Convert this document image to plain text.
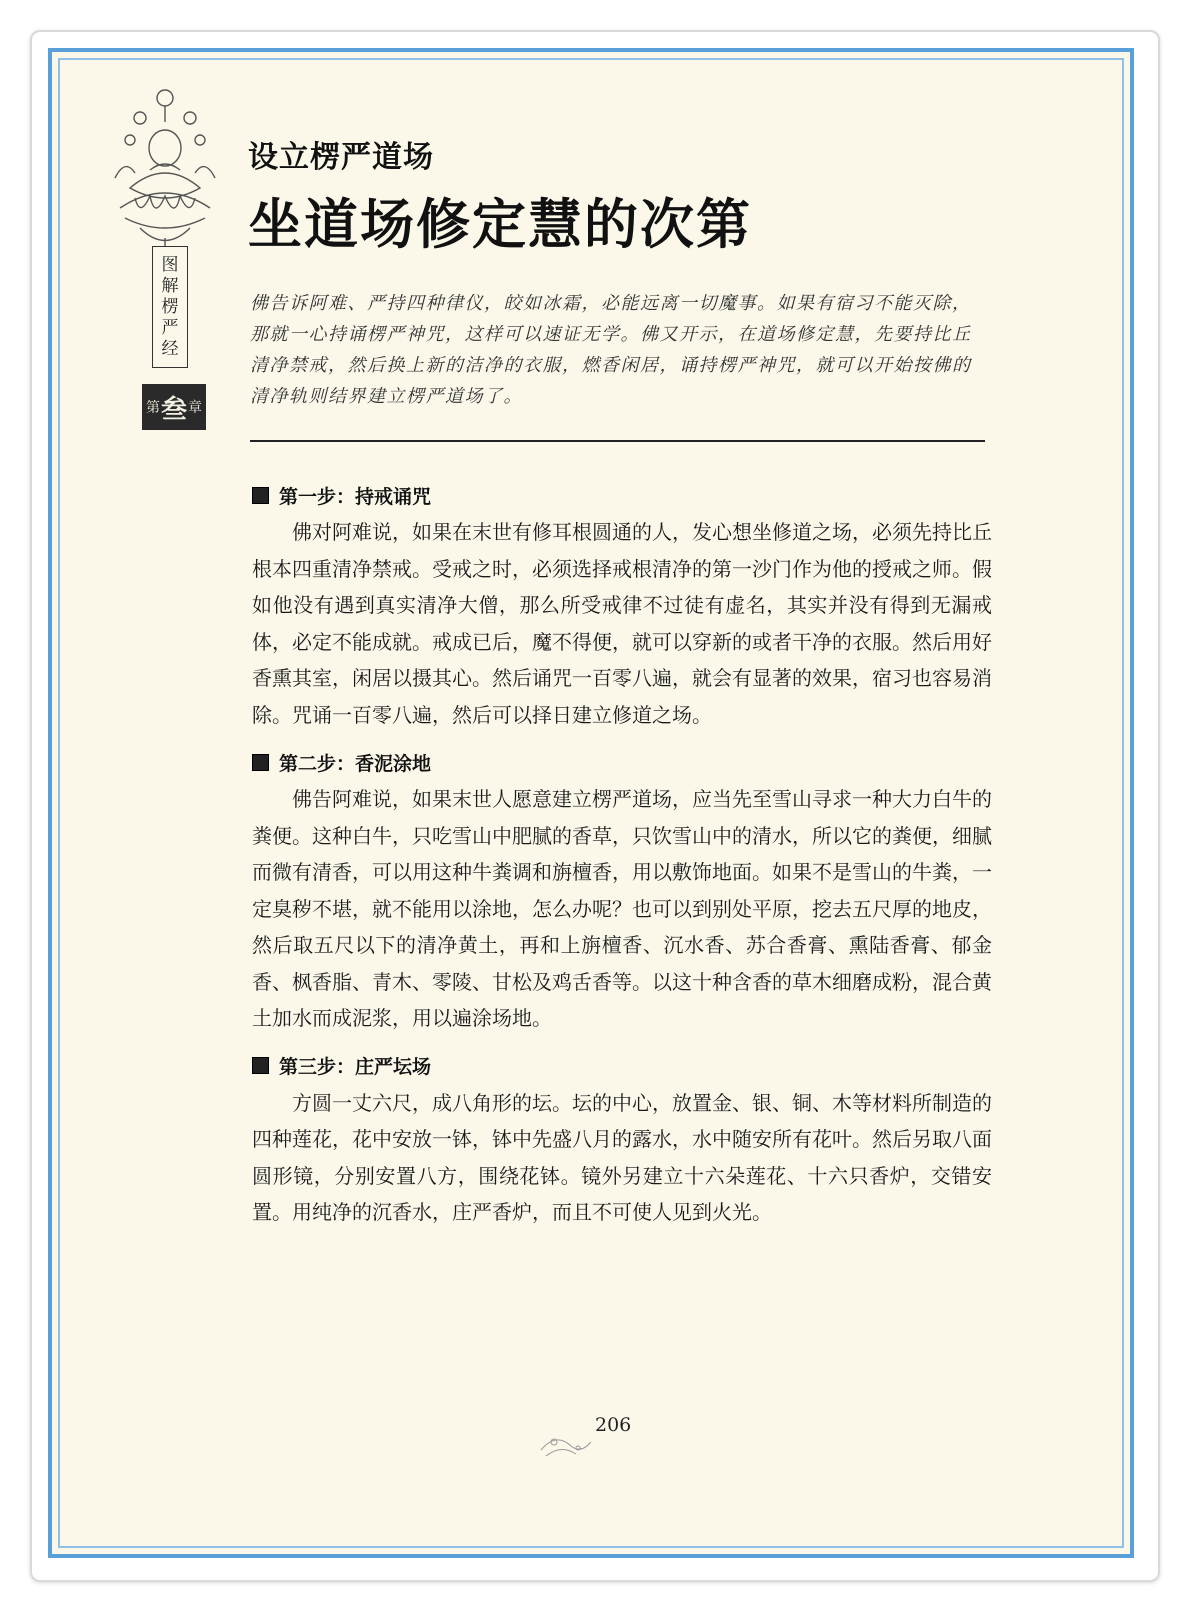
图
解
楞
严
经
第 叁 章
设立楞严道场
坐道场修定慧的次第
佛告诉阿难、严持四种律仪，皎如冰霜，必能远离一切魔事。如果有宿习不能灭除，那就一心持诵楞严神咒，这样可以速证无学。佛又开示，在道场修定慧，先要持比丘清净禁戒，然后换上新的洁净的衣服，燃香闲居，诵持楞严神咒，就可以开始按佛的清净轨则结界建立楞严道场了。
第一步：持戒诵咒

佛对阿难说，如果在末世有修耳根圆通的人，发心想坐修道之场，必须先持比丘根本四重清净禁戒。受戒之时，必须选择戒根清净的第一沙门作为他的授戒之师。假如他没有遇到真实清净大僧，那么所受戒律不过徒有虚名，其实并没有得到无漏戒体，必定不能成就。戒成已后，魔不得便，就可以穿新的或者干净的衣服。然后用好香熏其室，闲居以摄其心。然后诵咒一百零八遍，就会有显著的效果，宿习也容易消除。咒诵一百零八遍，然后可以择日建立修道之场。

第二步：香泥涂地

佛告阿难说，如果末世人愿意建立楞严道场，应当先至雪山寻求一种大力白牛的粪便。这种白牛，只吃雪山中肥腻的香草，只饮雪山中的清水，所以它的粪便，细腻而微有清香，可以用这种牛粪调和旃檀香，用以敷饰地面。如果不是雪山的牛粪，一定臭秽不堪，就不能用以涂地，怎么办呢？也可以到别处平原，挖去五尺厚的地皮，然后取五尺以下的清净黄土，再和上旃檀香、沉水香、苏合香膏、熏陆香膏、郁金香、枫香脂、青木、零陵、甘松及鸡舌香等。以这十种含香的草木细磨成粉，混合黄土加水而成泥浆，用以遍涂场地。

第三步：庄严坛场

方圆一丈六尺，成八角形的坛。坛的中心，放置金、银、铜、木等材料所制造的四种莲花，花中安放一钵，钵中先盛八月的露水，水中随安所有花叶。然后另取八面圆形镜，分别安置八方，围绕花钵。镜外另建立十六朵莲花、十六只香炉，交错安置。用纯净的沉香水，庄严香炉，而且不可使人见到火光。

206
